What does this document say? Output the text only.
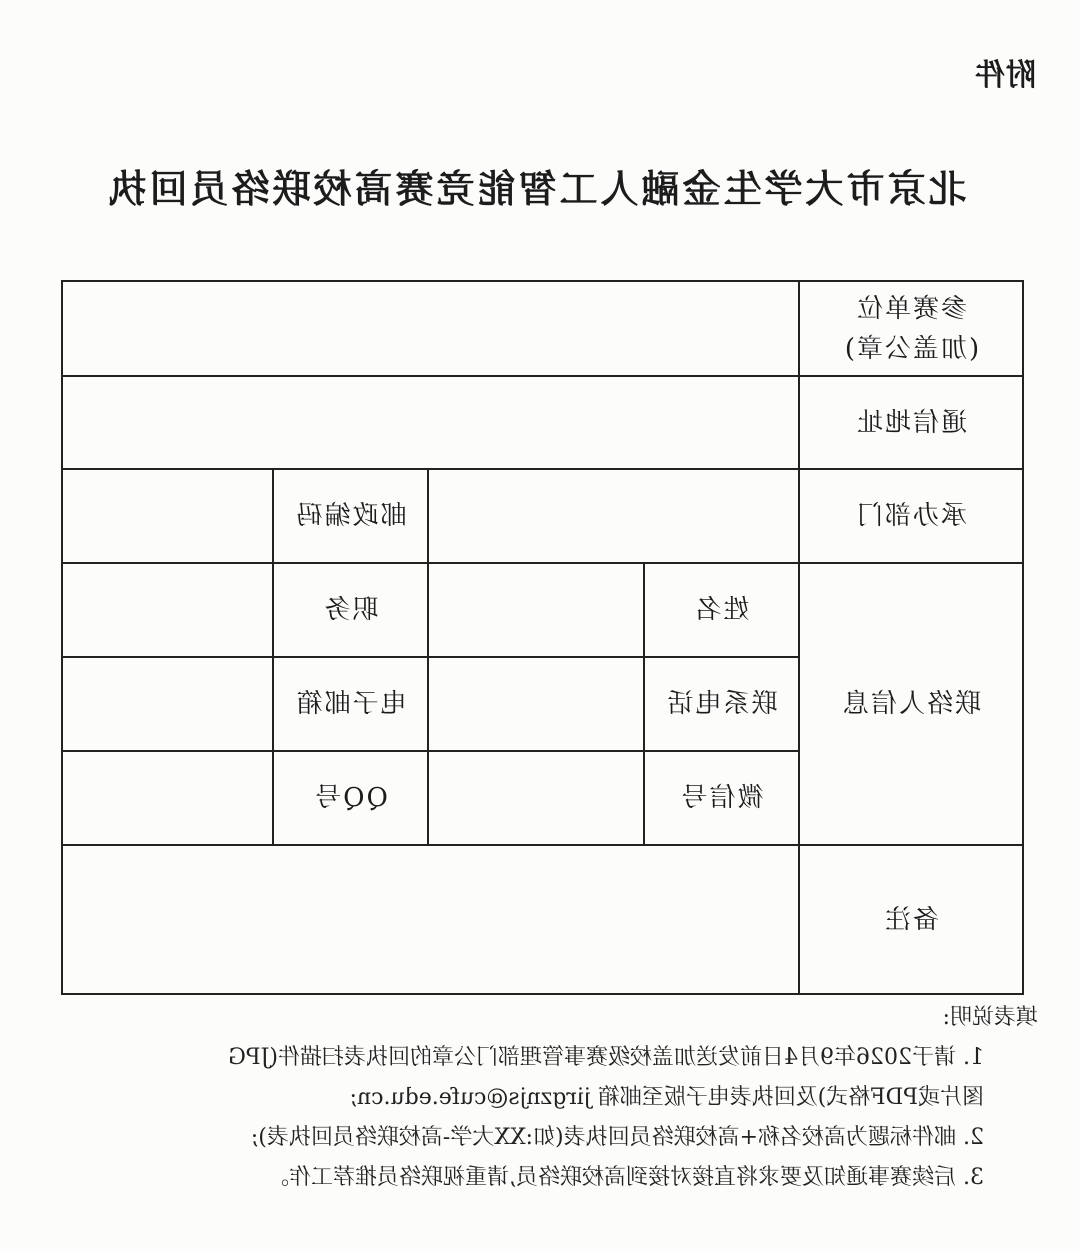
附件
北京市大学生金融人工智能竞赛高校联络员回执
参赛单位
(加盖公章)				

通信地址				
承办部门			邮政编码	
联络人信息	姓名		职务	
	联系电话		电子邮箱	
	微信号		QQ号	
备注				
填表说明:
1. 请于2026年9月4日前发送加盖校级赛事管理部门公章的回执表扫描件(JPG
图片或PDF格式)及回执表电子版至邮箱 jirgznjs@cufe.edu.cn;
2. 邮件标题为高校名称+高校联络员回执表(如:XX大学-高校联络员回执表);
3. 后续赛事通知及要求将直接对接到高校联络员,请重视联络员推荐工作。
